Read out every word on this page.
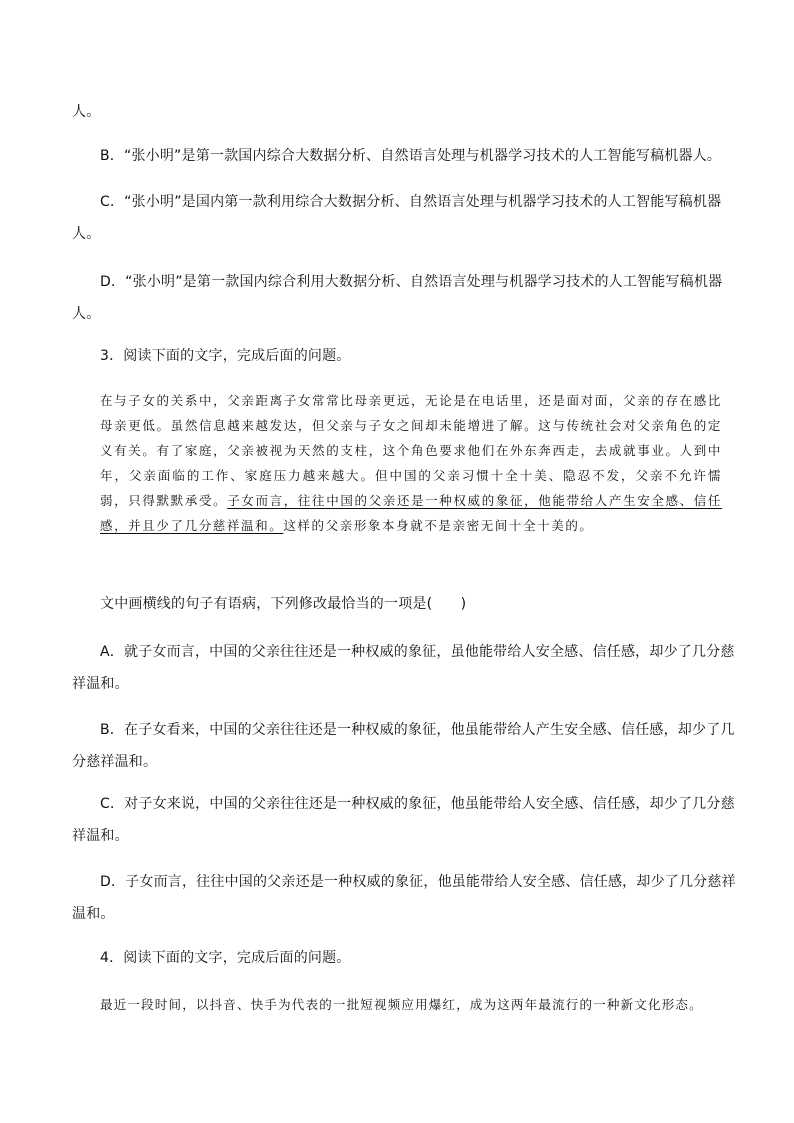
人。
B．“张小明”是第一款国内综合大数据分析、自然语言处理与机器学习技术的人工智能写稿机器人。
C．“张小明”是国内第一款利用综合大数据分析、自然语言处理与机器学习技术的人工智能写稿机器
人。
D．“张小明”是第一款国内综合利用大数据分析、自然语言处理与机器学习技术的人工智能写稿机器
人。
3．阅读下面的文字，完成后面的问题。
在与子女的关系中，父亲距离子女常常比母亲更远，无论是在电话里，还是面对面，父亲的存在感比母亲更低。虽然信息越来越发达，但父亲与子女之间却未能增进了解。这与传统社会对父亲角色的定义有关。有了家庭，父亲被视为天然的支柱，这个角色要求他们在外东奔西走，去成就事业。人到中年，父亲面临的工作、家庭压力越来越大。但中国的父亲习惯十全十美、隐忍不发，父亲不允许懦弱，只得默默承受。子女而言，往往中国的父亲还是一种权威的象征，他能带给人产生安全感、信任感，并且少了几分慈祥温和。这样的父亲形象本身就不是亲密无间十全十美的。
文中画横线的句子有语病，下列修改最恰当的一项是(　　)
A．就子女而言，中国的父亲往往还是一种权威的象征，虽他能带给人安全感、信任感，却少了几分慈
祥温和。
B．在子女看来，中国的父亲往往还是一种权威的象征，他虽能带给人产生安全感、信任感，却少了几
分慈祥温和。
C．对子女来说，中国的父亲往往还是一种权威的象征，他虽能带给人安全感、信任感，却少了几分慈
祥温和。
D．子女而言，往往中国的父亲还是一种权威的象征，他虽能带给人安全感、信任感，却少了几分慈祥
温和。
4．阅读下面的文字，完成后面的问题。
最近一段时间，以抖音、快手为代表的一批短视频应用爆红，成为这两年最流行的一种新文化形态。
